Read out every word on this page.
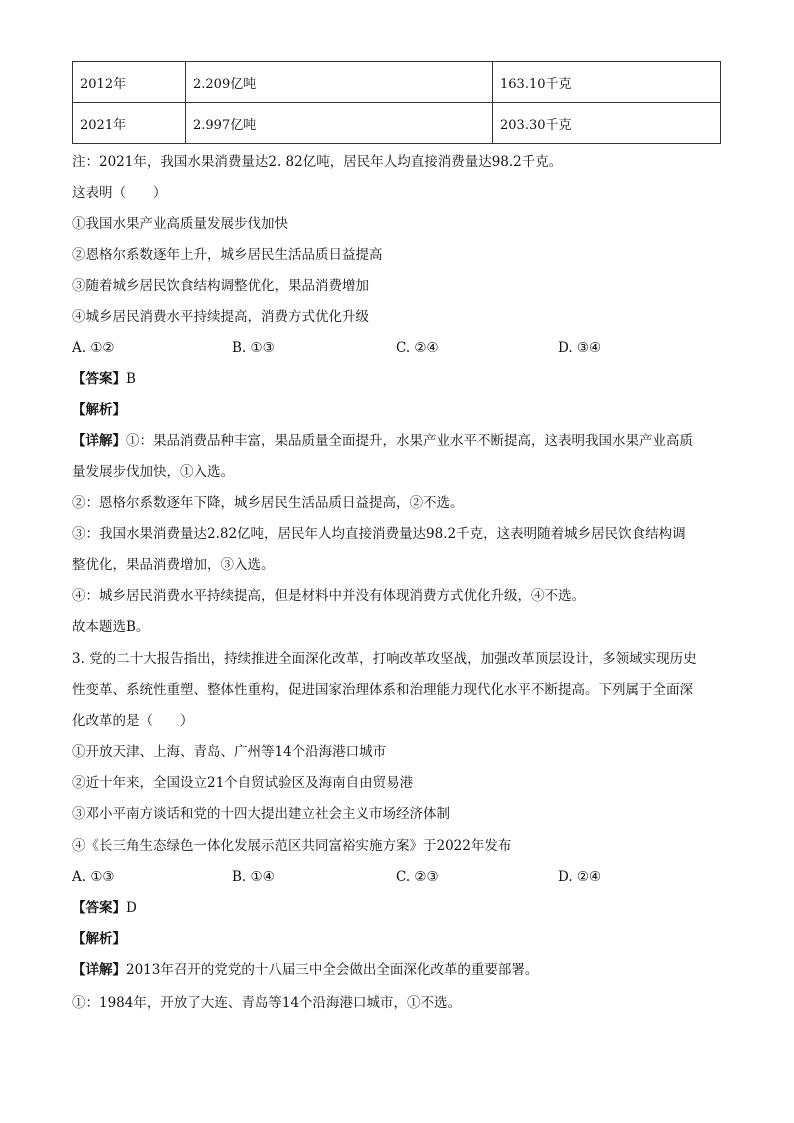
2012年	2.209亿吨	163.10千克
2021年	2.997亿吨	203.30千克
注：2021年，我国水果消费量达2. 82亿吨，居民年人均直接消费量达98.2千克。
这表明（　　）
①我国水果产业高质量发展步伐加快
②恩格尔系数逐年上升，城乡居民生活品质日益提高
③随着城乡居民饮食结构调整优化，果品消费增加
④城乡居民消费水平持续提高，消费方式优化升级
A. ①②	B. ①③	C. ②④	D. ③④
【答案】B
【解析】
【详解】①：果品消费品种丰富，果品质量全面提升，水果产业水平不断提高，这表明我国水果产业高质
量发展步伐加快，①入选。
②：恩格尔系数逐年下降，城乡居民生活品质日益提高，②不选。
③：我国水果消费量达2.82亿吨，居民年人均直接消费量达98.2千克，这表明随着城乡居民饮食结构调
整优化，果品消费增加，③入选。
④：城乡居民消费水平持续提高，但是材料中并没有体现消费方式优化升级，④不选。
故本题选B。
3. 党的二十大报告指出，持续推进全面深化改革，打响改革攻坚战，加强改革顶层设计，多领域实现历史
性变革、系统性重塑、整体性重构，促进国家治理体系和治理能力现代化水平不断提高。下列属于全面深
化改革的是（　　）
①开放天津、上海、青岛、广州等14个沿海港口城市
②近十年来，全国设立21个自贸试验区及海南自由贸易港
③邓小平南方谈话和党的十四大提出建立社会主义市场经济体制
④《长三角生态绿色一体化发展示范区共同富裕实施方案》于2022年发布
A. ①③	B. ①④	C. ②③	D. ②④
【答案】D
【解析】
【详解】2013年召开的党党的十八届三中全会做出全面深化改革的重要部署。
①：1984年，开放了大连、青岛等14个沿海港口城市，①不选。
